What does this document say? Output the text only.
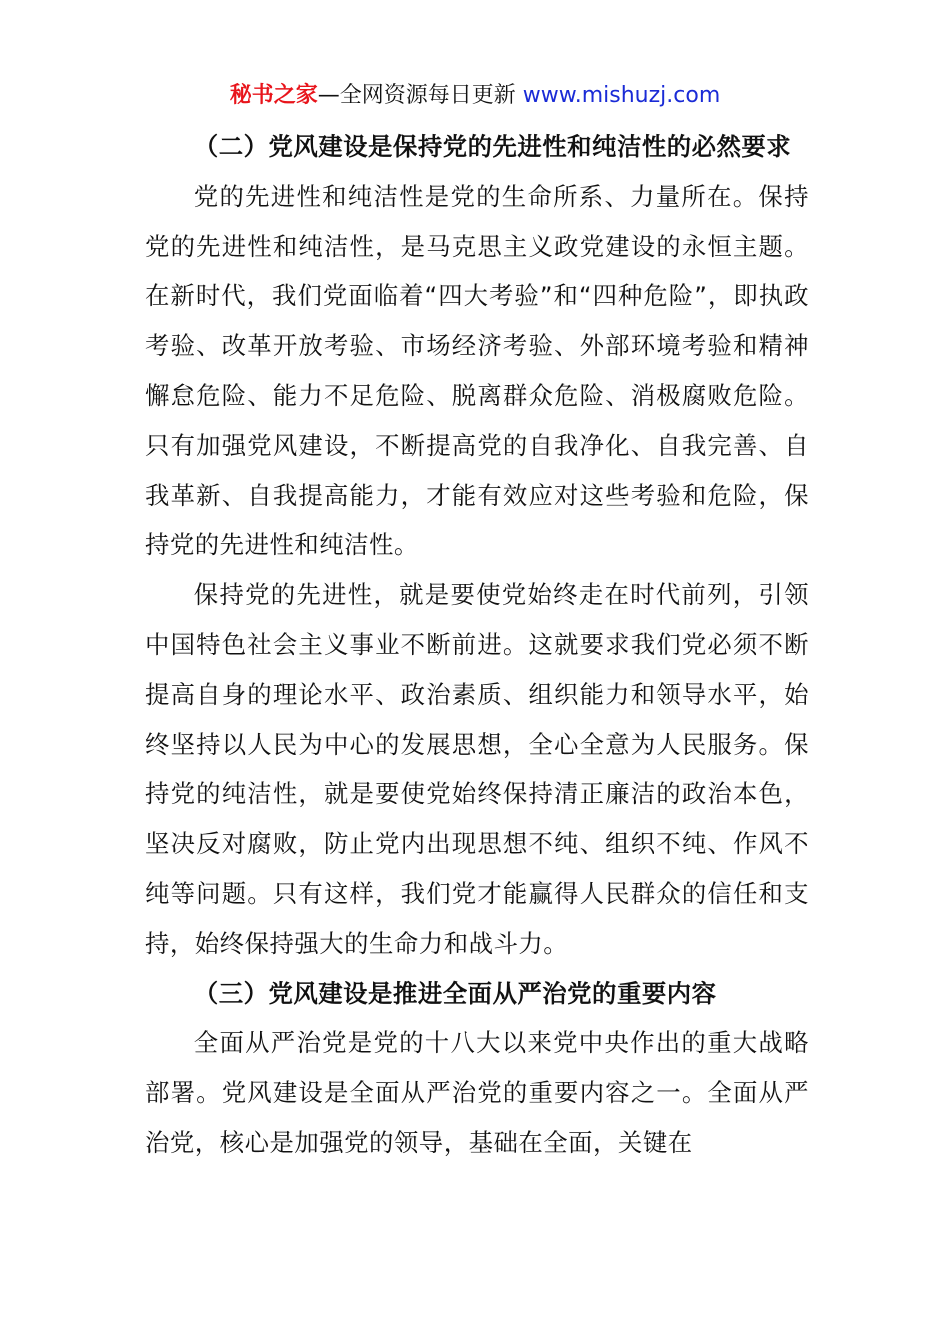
秘书之家—全网资源每日更新 www.mishuzj.com
（二）党风建设是保持党的先进性和纯洁性的必然要求

党的先进性和纯洁性是党的生命所系、力量所在。保持党的先进性和纯洁性，是马克思主义政党建设的永恒主题。在新时代，我们党面临着“四大考验”和“四种危险”，即执政考验、改革开放考验、市场经济考验、外部环境考验和精神懈怠危险、能力不足危险、脱离群众危险、消极腐败危险。只有加强党风建设，不断提高党的自我净化、自我完善、自我革新、自我提高能力，才能有效应对这些考验和危险，保持党的先进性和纯洁性。

保持党的先进性，就是要使党始终走在时代前列，引领中国特色社会主义事业不断前进。这就要求我们党必须不断提高自身的理论水平、政治素质、组织能力和领导水平，始终坚持以人民为中心的发展思想，全心全意为人民服务。保持党的纯洁性，就是要使党始终保持清正廉洁的政治本色，坚决反对腐败，防止党内出现思想不纯、组织不纯、作风不纯等问题。只有这样，我们党才能赢得人民群众的信任和支持，始终保持强大的生命力和战斗力。

（三）党风建设是推进全面从严治党的重要内容

全面从严治党是党的十八大以来党中央作出的重大战略部署。党风建设是全面从严治党的重要内容之一。全面从严治党，核心是加强党的领导，基础在全面，关键在
